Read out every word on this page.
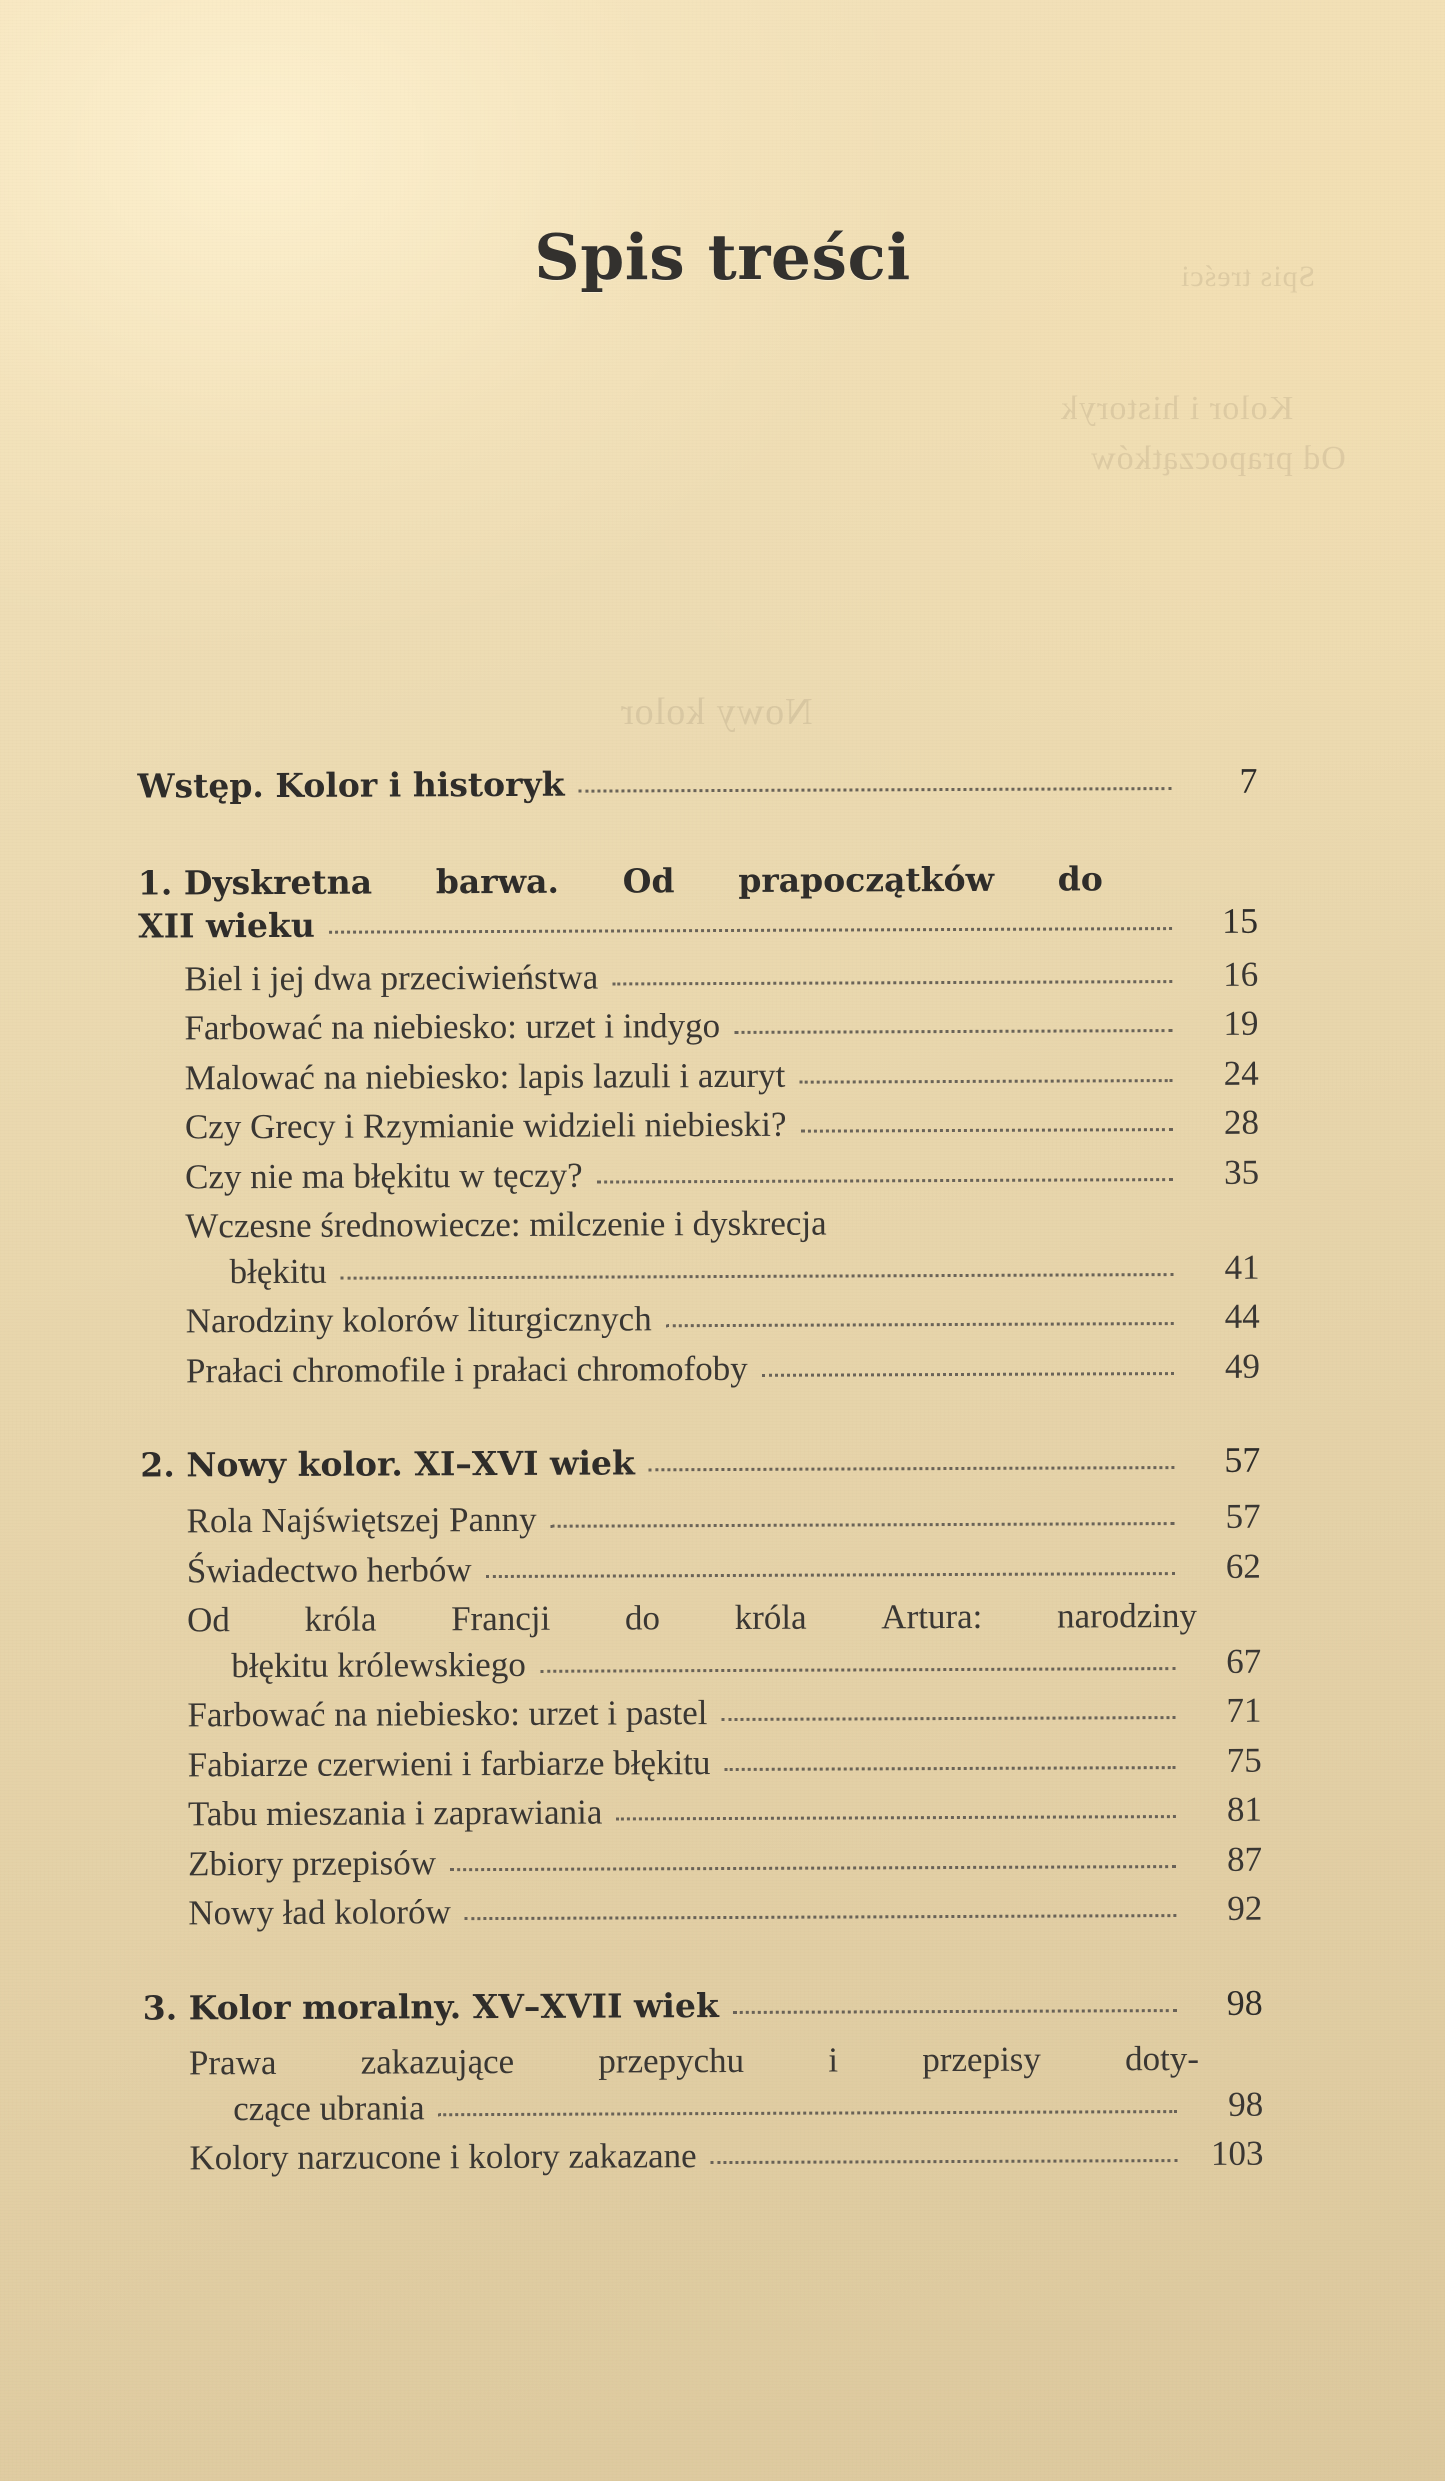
Kolor i historyk
Od prapoczątków
Nowy kolor
Spis treści
Spis treści
Wstęp. Kolor i historyk	7
1. Dyskretna barwa. Od prapoczątków do
XII wieku	15
Biel i jej dwa przeciwieństwa	16
Farbować na niebiesko: urzet i indygo	19
Malować na niebiesko: lapis lazuli i azuryt	24
Czy Grecy i Rzymianie widzieli niebieski?	28
Czy nie ma błękitu w tęczy?	35
Wczesne średnowiecze: milczenie i dyskrecja
błękitu	41
Narodziny kolorów liturgicznych	44
Prałaci chromofile i prałaci chromofoby	49
2. Nowy kolor. XI–XVI wiek	57
Rola Najświętszej Panny	57
Świadectwo herbów	62
Od króla Francji do króla Artura: narodziny
błękitu królewskiego	67
Farbować na niebiesko: urzet i pastel	71
Fabiarze czerwieni i farbiarze błękitu	75
Tabu mieszania i zaprawiania	81
Zbiory przepisów	87
Nowy ład kolorów	92
3. Kolor moralny. XV–XVII wiek	98
Prawa zakazujące przepychu i przepisy doty-
czące ubrania	98
Kolory narzucone i kolory zakazane	103
